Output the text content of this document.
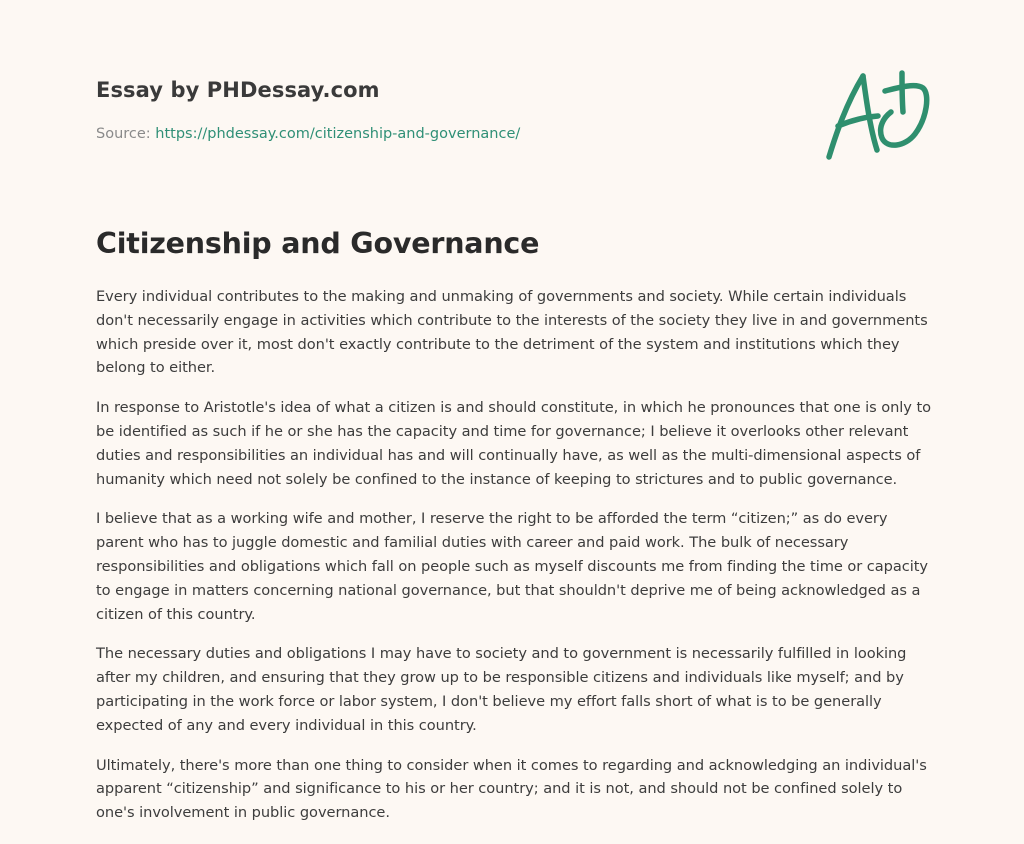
Essay by PHDessay.com
Source: https://phdessay.com/citizenship-and-governance/
Citizenship and Governance

Every individual contributes to the making and unmaking of governments and society. While certain individuals don't necessarily engage in activities which contribute to the interests of the society they live in and governments which preside over it, most don't exactly contribute to the detriment of the system and institutions which they belong to either.

In response to Aristotle's idea of what a citizen is and should constitute, in which he pronounces that one is only to be identified as such if he or she has the capacity and time for governance; I believe it overlooks other relevant duties and responsibilities an individual has and will continually have, as well as the multi-dimensional aspects of humanity which need not solely be confined to the instance of keeping to strictures and to public governance.

I believe that as a working wife and mother, I reserve the right to be afforded the term “citizen;” as do every parent who has to juggle domestic and familial duties with career and paid work. The bulk of necessary responsibilities and obligations which fall on people such as myself discounts me from finding the time or capacity to engage in matters concerning national governance, but that shouldn't deprive me of being acknowledged as a citizen of this country.

The necessary duties and obligations I may have to society and to government is necessarily fulfilled in looking after my children, and ensuring that they grow up to be responsible citizens and individuals like myself; and by participating in the work force or labor system, I don't believe my effort falls short of what is to be generally expected of any and every individual in this country.

Ultimately, there's more than one thing to consider when it comes to regarding and acknowledging an individual's apparent “citizenship” and significance to his or her country; and it is not, and should not be confined solely to one's involvement in public governance.
